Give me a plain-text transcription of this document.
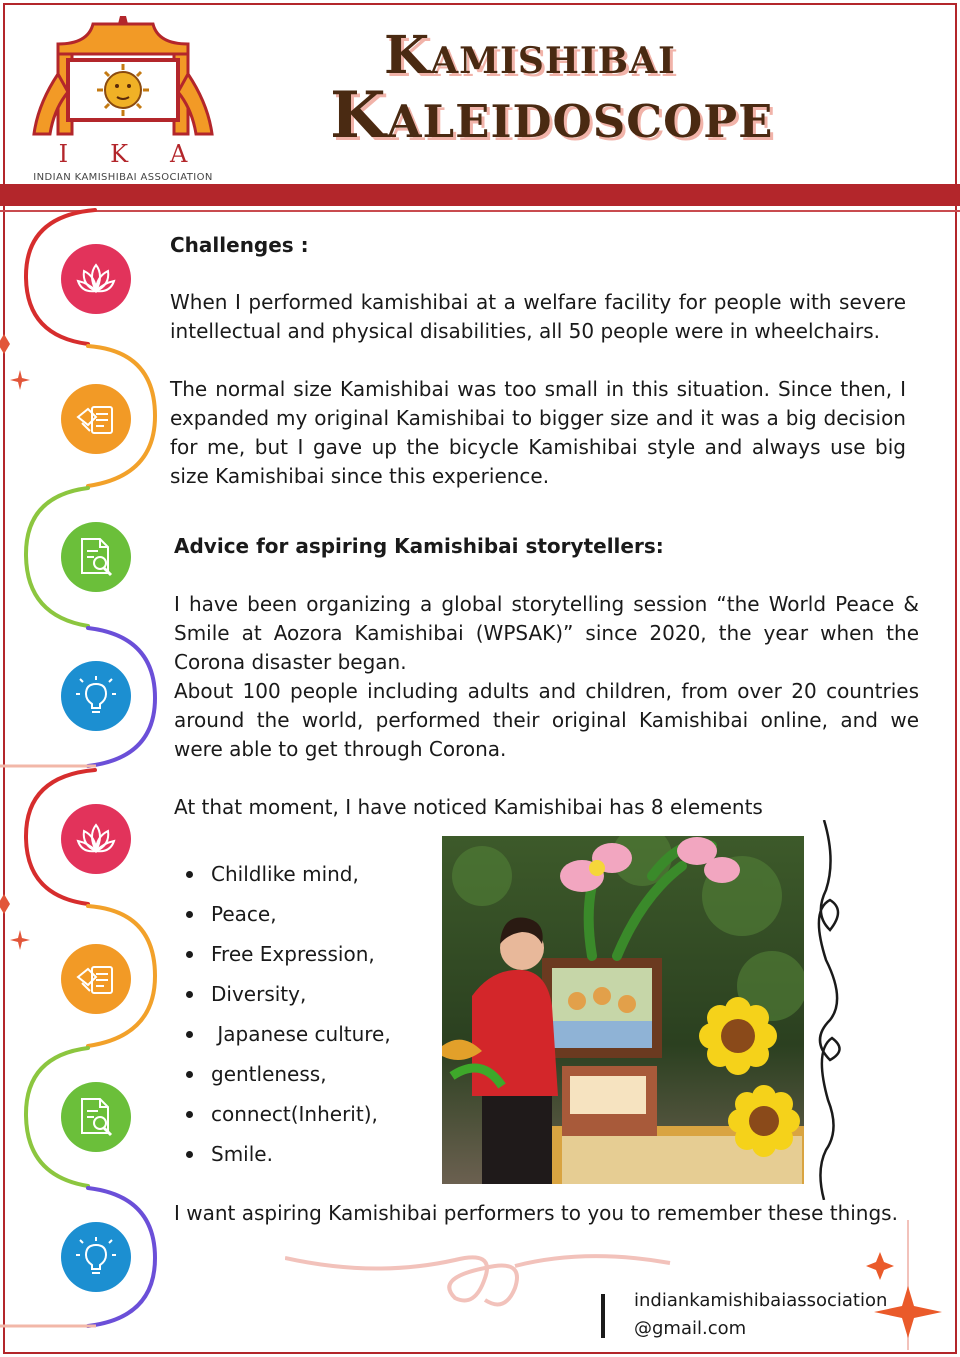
I K A
INDIAN KAMISHIBAI ASSOCIATION
Kamishibai
Kaleidoscope
Challenges :
When I performed kamishibai at a welfare facility for people with severe intellectual and physical disabilities, all 50 people were in wheelchairs.
The normal size Kamishibai was too small in this situation. Since then, I expanded my original Kamishibai to bigger size and it was a big decision for me, but I gave up the bicycle Kamishibai style and always use big size Kamishibai since this experience.
Advice for aspiring Kamishibai storytellers:
I have been organizing a global storytelling session “the World Peace & Smile at Aozora Kamishibai (WPSAK)” since 2020, the year when the Corona disaster began.
About 100 people including adults and children, from over 20 countries around the world, performed their original Kamishibai online, and we were able to get through Corona.
At that moment, I have noticed Kamishibai has 8 elements
Childlike mind,
Peace,
Free Expression,
Diversity,
Japanese culture,
gentleness,
connect(Inherit),
Smile.
I want aspiring Kamishibai performers to you to remember these things.
indiankamishibaiassociation
@gmail.com
